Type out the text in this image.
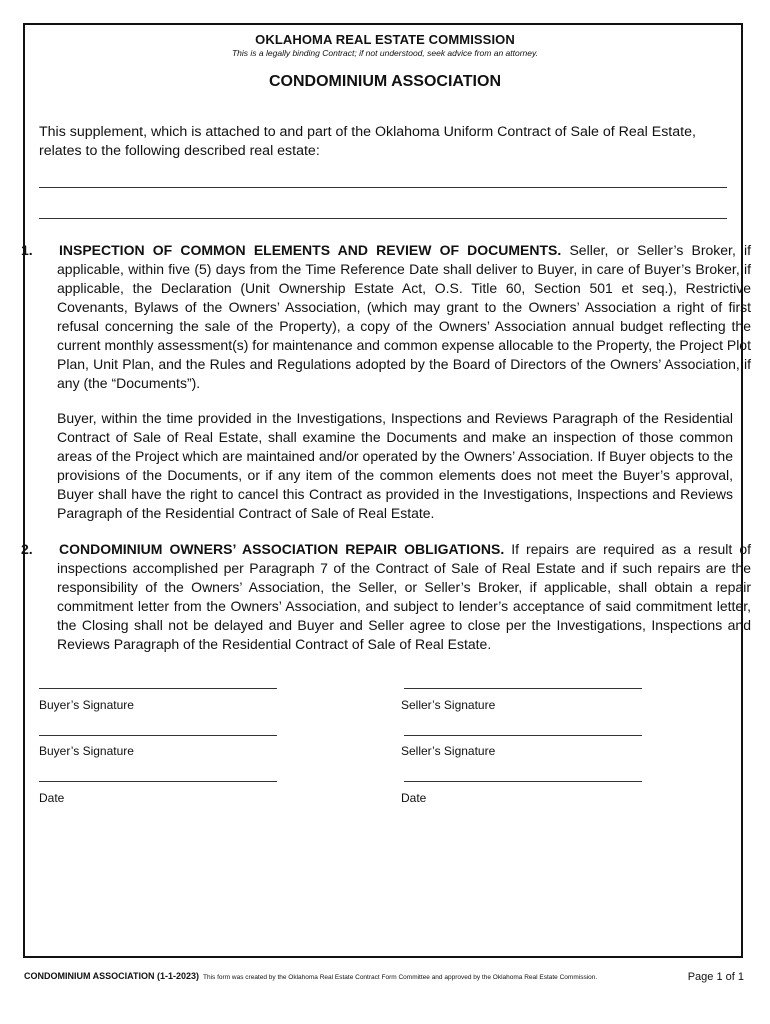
OKLAHOMA REAL ESTATE COMMISSION
This is a legally binding Contract; if not understood, seek advice from an attorney.
CONDOMINIUM ASSOCIATION
This supplement, which is attached to and part of the Oklahoma Uniform Contract of Sale of Real Estate, relates to the following described real estate:
1. INSPECTION OF COMMON ELEMENTS AND REVIEW OF DOCUMENTS. Seller, or Seller’s Broker, if applicable, within five (5) days from the Time Reference Date shall deliver to Buyer, in care of Buyer’s Broker, if applicable, the Declaration (Unit Ownership Estate Act, O.S. Title 60, Section 501 et seq.), Restrictive Covenants, Bylaws of the Owners’ Association, (which may grant to the Owners’ Association a right of first refusal concerning the sale of the Property), a copy of the Owners’ Association annual budget reflecting the current monthly assessment(s) for maintenance and common expense allocable to the Property, the Project Plot Plan, Unit Plan, and the Rules and Regulations adopted by the Board of Directors of the Owners’ Association, if any (the “Documents”).
Buyer, within the time provided in the Investigations, Inspections and Reviews Paragraph of the Residential Contract of Sale of Real Estate, shall examine the Documents and make an inspection of those common areas of the Project which are maintained and/or operated by the Owners’ Association. If Buyer objects to the provisions of the Documents, or if any item of the common elements does not meet the Buyer’s approval, Buyer shall have the right to cancel this Contract as provided in the Investigations, Inspections and Reviews Paragraph of the Residential Contract of Sale of Real Estate.
2. CONDOMINIUM OWNERS’ ASSOCIATION REPAIR OBLIGATIONS. If repairs are required as a result of inspections accomplished per Paragraph 7 of the Contract of Sale of Real Estate and if such repairs are the responsibility of the Owners’ Association, the Seller, or Seller’s Broker, if applicable, shall obtain a repair commitment letter from the Owners’ Association, and subject to lender’s acceptance of said commitment letter, the Closing shall not be delayed and Buyer and Seller agree to close per the Investigations, Inspections and Reviews Paragraph of the Residential Contract of Sale of Real Estate.
Buyer’s Signature	Seller’s Signature
Buyer’s Signature	Seller’s Signature
Date	Date
CONDOMINIUM ASSOCIATION (1-1-2023) This form was created by the Oklahoma Real Estate Contract Form Committee and approved by the Oklahoma Real Estate Commission.	Page 1 of 1
